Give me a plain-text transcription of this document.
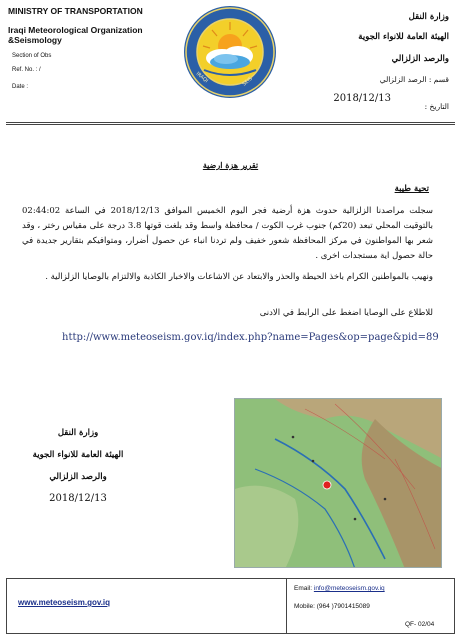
MINISTRY OF TRANSPORTATION
Iraqi Meteorological Organization &Seismology
Section of Obs
Ref. No. : /
Date :
IRAQI	SEIS
وزارة النقل
الهيئة العامة للانواء الجوية
والرصد الزلزالي
قسم : الرصد الزلزالي
التاريخ :
2018/12/13
تقرير هزة ارضية
تحية طيبة
سجلت مراصدنا الزلزالية حدوث هزة أرضية فجر اليوم الخميس الموافق 2018/12/13 في الساعة 02:44:02 بالتوقيت المحلي تبعد (20كم) جنوب غرب الكوت / محافظة واسط وقد بلغت قوتها 3.8 درجة على مقياس رختر ، وقد شعر بها المواطنون في مركز المحافظة شعور خفيف ولم تردنا انباء عن حصول أضرار، ومتوافيكم بتقارير جديدة في حالة حصول اية مستجدات اخرى .
ونهيب بالمواطنين الكرام باخذ الحيطة والحذر والابتعاد عن الاشاعات والاخبار الكاذبة والالتزام بالوصايا الزلزالية .
للاطلاع على الوصايا اضغط على الرابط في الادنى
http://www.meteoseism.gov.iq/index.php?name=Pages&op=page&pid=89
وزارة النقل
الهيئة العامة للانواء الجوية
والرصد الزلزالي
2018/12/13
www.meteoseism.gov.iq
Email: info@meteoseism.gov.iq
Mobile: (964 )7901415089
QF- 02/04
